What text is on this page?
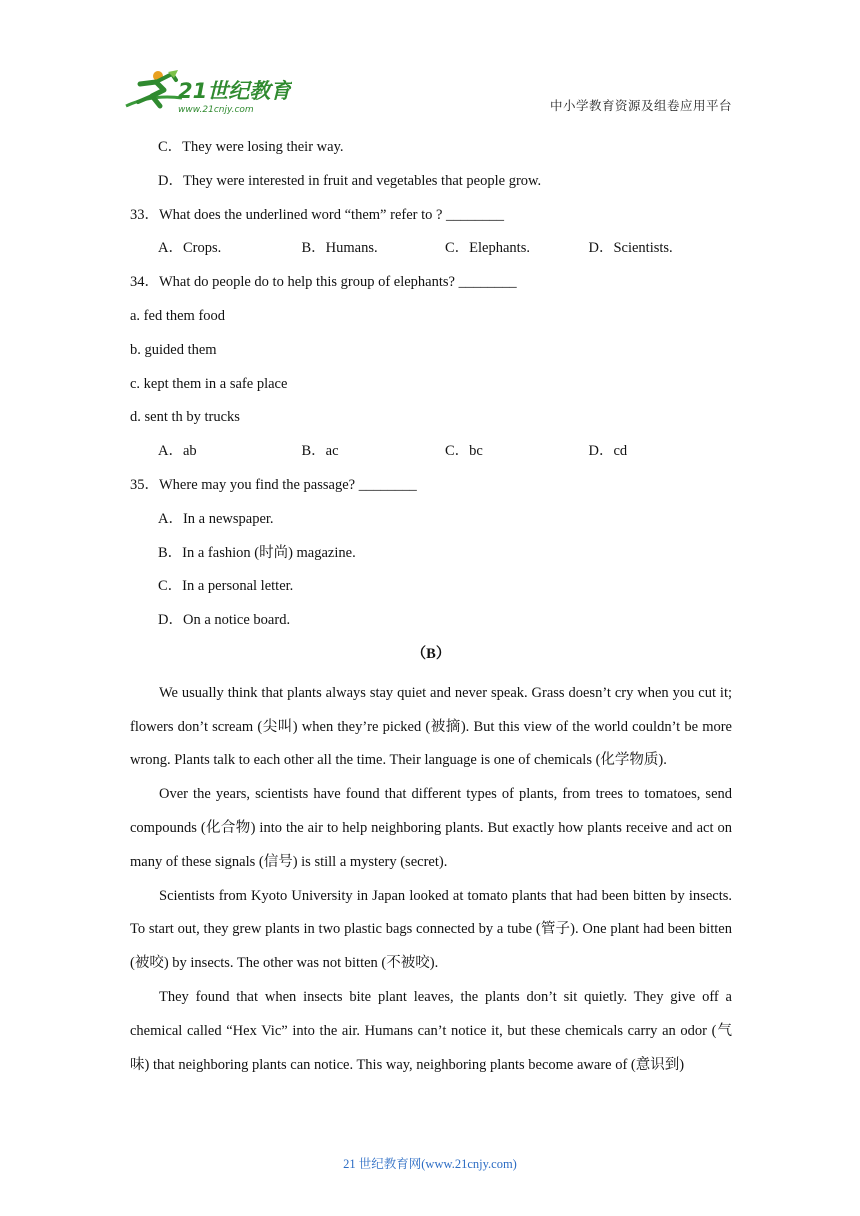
21世纪教育
www.21cnjy.com	中小学教育资源及组卷应用平台
C．They were losing their way.
D．They were interested in fruit and vegetables that people grow.
33．What does the underlined word “them” refer to ? ________
A．Crops.	B．Humans.	C．Elephants.	D．Scientists.
34．What do people do to help this group of elephants? ________
a. fed them food
b. guided them
c. kept them in a safe place
d. sent th by trucks
A．ab	B．ac	C．bc	D．cd
35．Where may you find the passage? ________
A．In a newspaper.
B．In a fashion (时尚) magazine.
C．In a personal letter.
D．On a notice board.
（B）

We usually think that plants always stay quiet and never speak. Grass doesn’t cry when you cut it; flowers don’t scream (尖叫) when they’re picked (被摘). But this view of the world couldn’t be more wrong. Plants talk to each other all the time. Their language is one of chemicals (化学物质).

Over the years, scientists have found that different types of plants, from trees to tomatoes, send compounds (化合物) into the air to help neighboring plants. But exactly how plants receive and act on many of these signals (信号) is still a mystery (secret).

Scientists from Kyoto University in Japan looked at tomato plants that had been bitten by insects. To start out, they grew plants in two plastic bags connected by a tube (管子). One plant had been bitten (被咬) by insects. The other was not bitten (不被咬).

They found that when insects bite plant leaves, the plants don’t sit quietly. They give off a chemical called “Hex Vic” into the air. Humans can’t notice it, but these chemicals carry an odor (气味) that neighboring plants can notice. This way, neighboring plants become aware of (意识到)

21 世纪教育网(www.21cnjy.com)
